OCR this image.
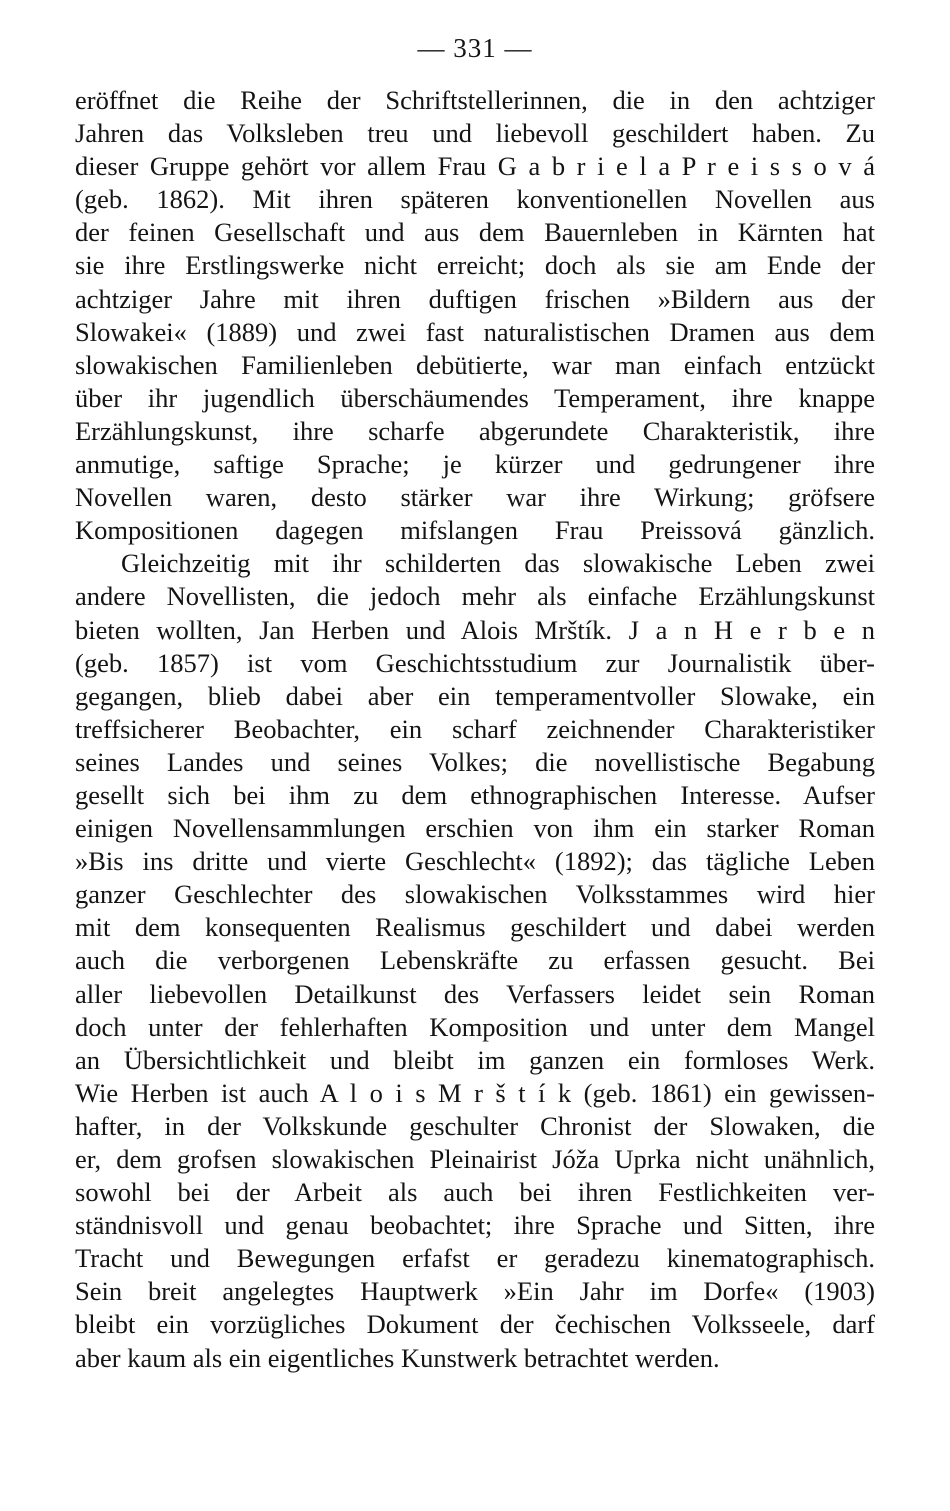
— 331 —
eröffnet die Reihe der Schriftstellerinnen, die in den achtziger
Jahren das Volksleben treu und liebevoll geschildert haben. Zu
dieser Gruppe gehört vor allem Frau G a b r i e l a P r e i s s o v á
(geb. 1862). Mit ihren späteren konventionellen Novellen aus
der feinen Gesellschaft und aus dem Bauernleben in Kärnten hat
sie ihre Erstlingswerke nicht erreicht; doch als sie am Ende der
achtziger Jahre mit ihren duftigen frischen »Bildern aus der
Slowakei« (1889) und zwei fast naturalistischen Dramen aus dem
slowakischen Familienleben debütierte, war man einfach entzückt
über ihr jugendlich überschäumendes Temperament, ihre knappe
Erzählungskunst, ihre scharfe abgerundete Charakteristik, ihre
anmutige, saftige Sprache; je kürzer und gedrungener ihre
Novellen waren, desto stärker war ihre Wirkung; gröfsere
Kompositionen dagegen mifslangen Frau Preissová gänzlich.
Gleichzeitig mit ihr schilderten das slowakische Leben zwei
andere Novellisten, die jedoch mehr als einfache Erzählungskunst
bieten wollten, Jan Herben und Alois Mrštík. J a n H e r b e n
(geb. 1857) ist vom Geschichtsstudium zur Journalistik über-
gegangen, blieb dabei aber ein temperamentvoller Slowake, ein
treffsicherer Beobachter, ein scharf zeichnender Charakteristiker
seines Landes und seines Volkes; die novellistische Begabung
gesellt sich bei ihm zu dem ethnographischen Interesse. Aufser
einigen Novellensammlungen erschien von ihm ein starker Roman
»Bis ins dritte und vierte Geschlecht« (1892); das tägliche Leben
ganzer Geschlechter des slowakischen Volksstammes wird hier
mit dem konsequenten Realismus geschildert und dabei werden
auch die verborgenen Lebenskräfte zu erfassen gesucht. Bei
aller liebevollen Detailkunst des Verfassers leidet sein Roman
doch unter der fehlerhaften Komposition und unter dem Mangel
an Übersichtlichkeit und bleibt im ganzen ein formloses Werk.
Wie Herben ist auch A l o i s M r š t í k (geb. 1861) ein gewissen-
hafter, in der Volkskunde geschulter Chronist der Slowaken, die
er, dem grofsen slowakischen Pleinairist Jóža Uprka nicht unähnlich,
sowohl bei der Arbeit als auch bei ihren Festlichkeiten ver-
ständnisvoll und genau beobachtet; ihre Sprache und Sitten, ihre
Tracht und Bewegungen erfafst er geradezu kinematographisch.
Sein breit angelegtes Hauptwerk »Ein Jahr im Dorfe« (1903)
bleibt ein vorzügliches Dokument der čechischen Volksseele, darf
aber kaum als ein eigentliches Kunstwerk betrachtet werden.
